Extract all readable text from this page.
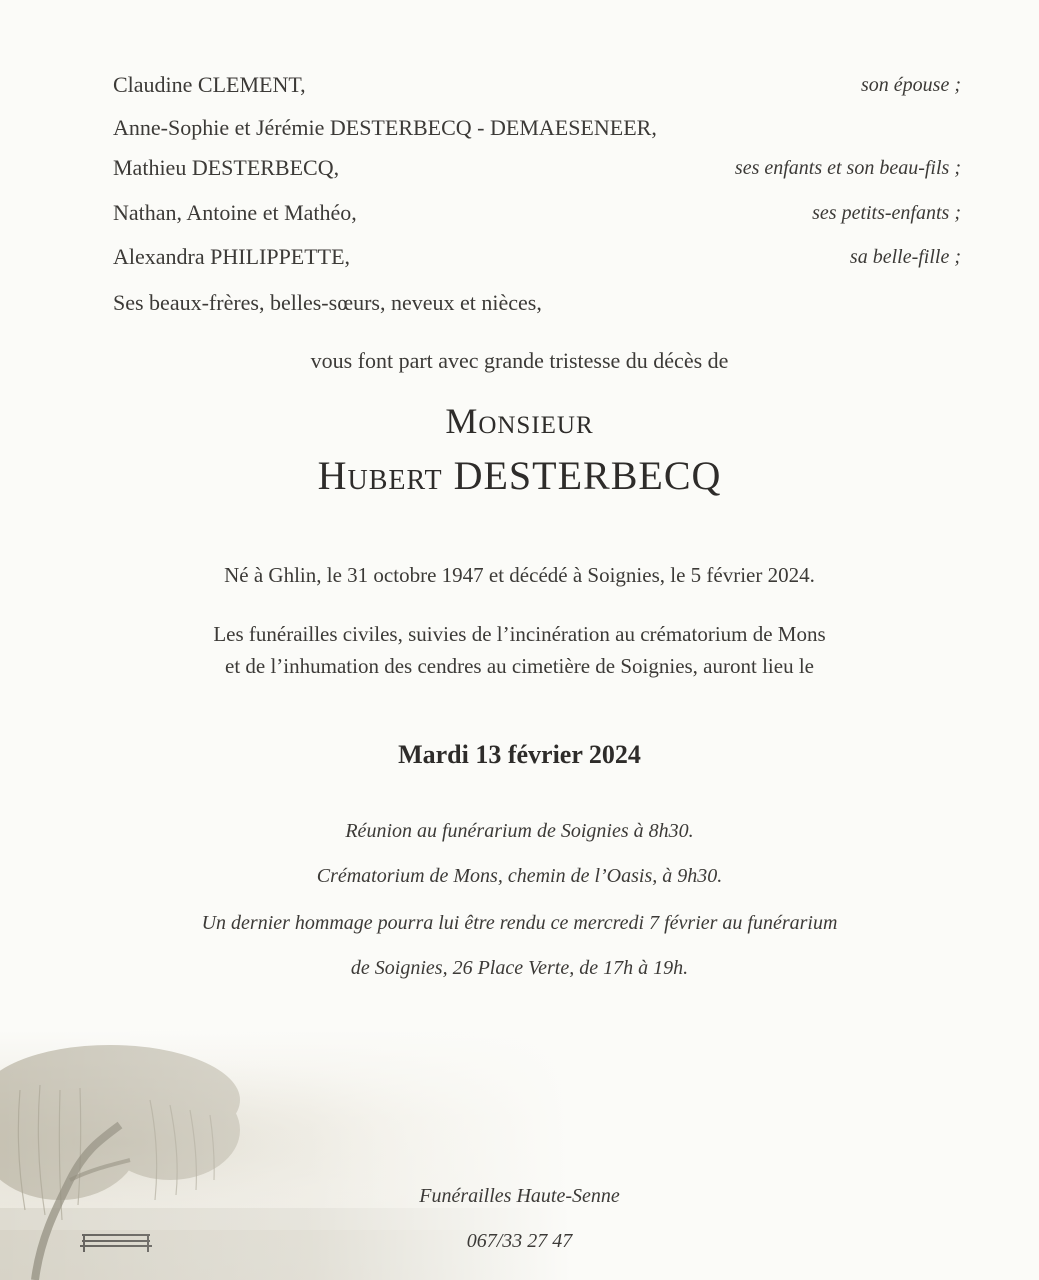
Claudine CLEMENT,	son épouse ;
Anne-Sophie et Jérémie DESTERBECQ - DEMAESENEER,
Mathieu DESTERBECQ,	ses enfants et son beau-fils ;
Nathan, Antoine et Mathéo,	ses petits-enfants ;
Alexandra PHILIPPETTE,	sa belle-fille ;
Ses beaux-frères, belles-sœurs, neveux et nièces,
vous font part avec grande tristesse du décès de
Monsieur
Hubert DESTERBECQ
Né à Ghlin, le 31 octobre 1947 et décédé à Soignies, le 5 février 2024.
Les funérailles civiles, suivies de l’incinération au crématorium de Mons
et de l’inhumation des cendres au cimetière de Soignies, auront lieu le
Mardi 13 février 2024
Réunion au funérarium de Soignies à 8h30.
Crématorium de Mons, chemin de l’Oasis, à 9h30.
Un dernier hommage pourra lui être rendu ce mercredi 7 février au funérarium
de Soignies, 26 Place Verte, de 17h à 19h.
Funérailles Haute-Senne
067/33 27 47
